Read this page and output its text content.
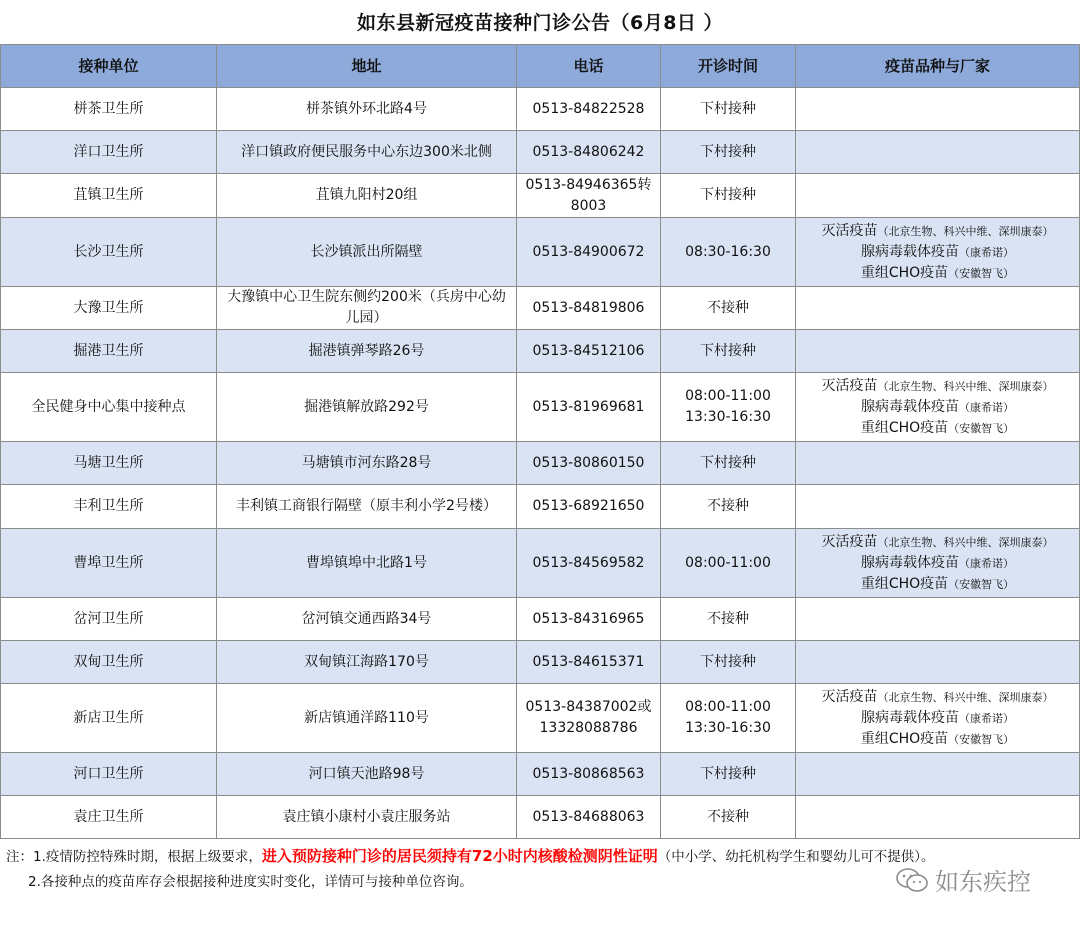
如东县新冠疫苗接种门诊公告（6月8日 ）
接种单位	地址	电话	开诊时间	疫苗品种与厂家
栟茶卫生所	栟茶镇外环北路4号	0513-84822528	下村接种	
洋口卫生所	洋口镇政府便民服务中心东边300米北侧	0513-84806242	下村接种	
苴镇卫生所	苴镇九阳村20组	0513-84946365转8003	下村接种	
长沙卫生所	长沙镇派出所隔壁	0513-84900672	08:30-16:30	灭活疫苗（北京生物、科兴中维、深圳康泰）
腺病毒载体疫苗（康希诺）
重组CHO疫苗（安徽智飞）

大豫卫生所	大豫镇中心卫生院东侧约200米（兵房中心幼儿园）	0513-84819806	不接种	
掘港卫生所	掘港镇弹琴路26号	0513-84512106	下村接种	
全民健身中心集中接种点	掘港镇解放路292号	0513-81969681	08:00-11:00 13:30-16:30	灭活疫苗（北京生物、科兴中维、深圳康泰）
腺病毒载体疫苗（康希诺）
重组CHO疫苗（安徽智飞）

马塘卫生所	马塘镇市河东路28号	0513-80860150	下村接种	
丰利卫生所	丰利镇工商银行隔壁（原丰利小学2号楼）	0513-68921650	不接种	
曹埠卫生所	曹埠镇埠中北路1号	0513-84569582	08:00-11:00	灭活疫苗（北京生物、科兴中维、深圳康泰）
腺病毒载体疫苗（康希诺）
重组CHO疫苗（安徽智飞）

岔河卫生所	岔河镇交通西路34号	0513-84316965	不接种	
双甸卫生所	双甸镇江海路170号	0513-84615371	下村接种	
新店卫生所	新店镇通洋路110号	0513-84387002或13328088786	08:00-11:00 13:30-16:30	灭活疫苗（北京生物、科兴中维、深圳康泰）
腺病毒载体疫苗（康希诺）
重组CHO疫苗（安徽智飞）

河口卫生所	河口镇天池路98号	0513-80868563	下村接种	
袁庄卫生所	袁庄镇小康村小袁庄服务站	0513-84688063	不接种	
注：1.疫情防控特殊时期，根据上级要求，进入预防接种门诊的居民须持有72小时内核酸检测阴性证明（中小学、幼托机构学生和婴幼儿可不提供）。
2.各接种点的疫苗库存会根据接种进度实时变化，详情可与接种单位咨询。	如东疾控
